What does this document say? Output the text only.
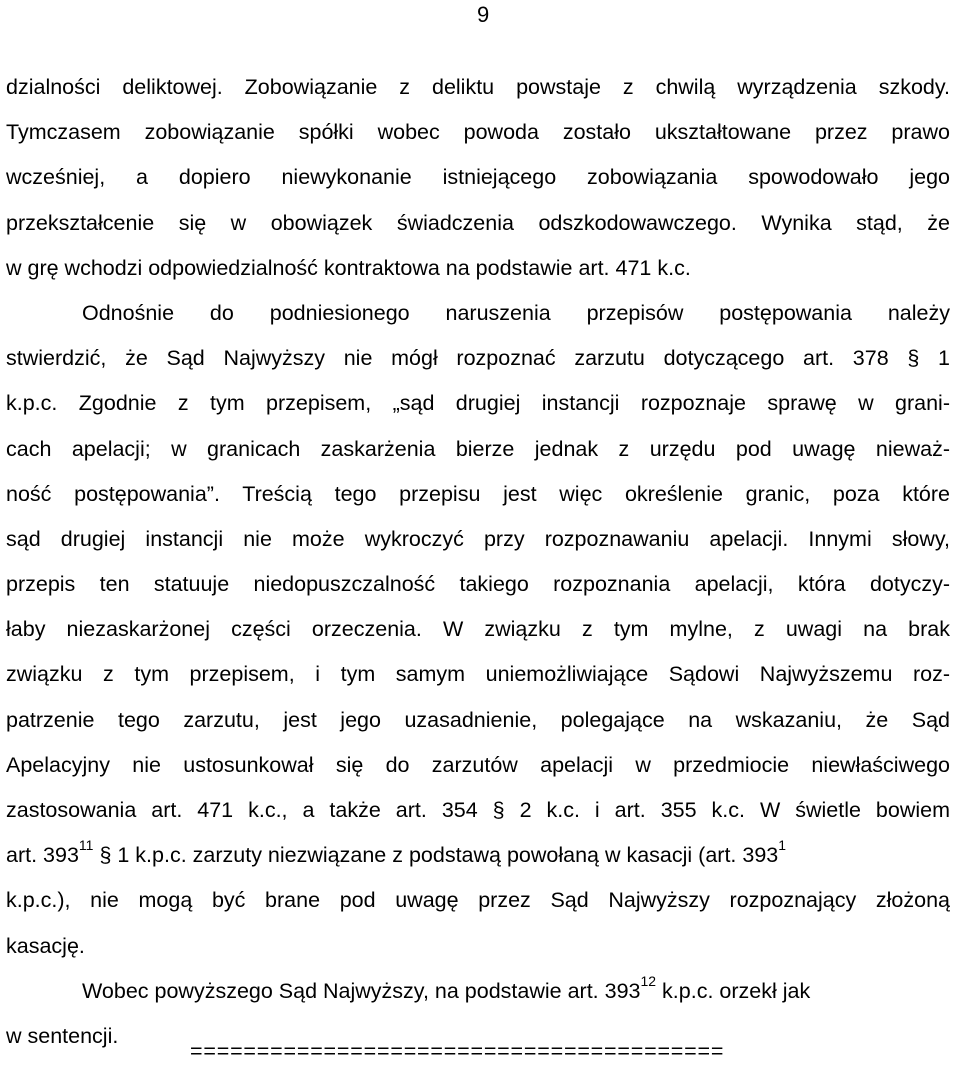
9
dzialności deliktowej. Zobowiązanie z deliktu powstaje z chwilą wyrządzenia szkody.
Tymczasem zobowiązanie spółki wobec powoda zostało ukształtowane przez prawo
wcześniej, a dopiero niewykonanie istniejącego zobowiązania spowodowało jego
przekształcenie się w obowiązek świadczenia odszkodowawczego. Wynika stąd, że
w grę wchodzi odpowiedzialność kontraktowa na podstawie art. 471 k.c.
Odnośnie do podniesionego naruszenia przepisów postępowania należy
stwierdzić, że Sąd Najwyższy nie mógł rozpoznać zarzutu dotyczącego art. 378 § 1
k.p.c. Zgodnie z tym przepisem, „sąd drugiej instancji rozpoznaje sprawę w grani-
cach apelacji; w granicach zaskarżenia bierze jednak z urzędu pod uwagę nieważ-
ność postępowania”. Treścią tego przepisu jest więc określenie granic, poza które
sąd drugiej instancji nie może wykroczyć przy rozpoznawaniu apelacji. Innymi słowy,
przepis ten statuuje niedopuszczalność takiego rozpoznania apelacji, która dotyczy-
łaby niezaskarżonej części orzeczenia. W związku z tym mylne, z uwagi na brak
związku z tym przepisem, i tym samym uniemożliwiające Sądowi Najwyższemu roz-
patrzenie tego zarzutu, jest jego uzasadnienie, polegające na wskazaniu, że Sąd
Apelacyjny nie ustosunkował się do zarzutów apelacji w przedmiocie niewłaściwego
zastosowania art. 471 k.c., a także art. 354 § 2 k.c. i art. 355 k.c. W świetle bowiem
art. $393^{11}$ § 1 k.p.c. zarzuty niezwiązane z podstawą powołaną w kasacji (art. $393^1$
k.p.c.), nie mogą być brane pod uwagę przez Sąd Najwyższy rozpoznający złożoną
kasację.
Wobec powyższego Sąd Najwyższy, na podstawie art. $393^{12}$ k.p.c. orzekł jak
w sentencji.
========================================
